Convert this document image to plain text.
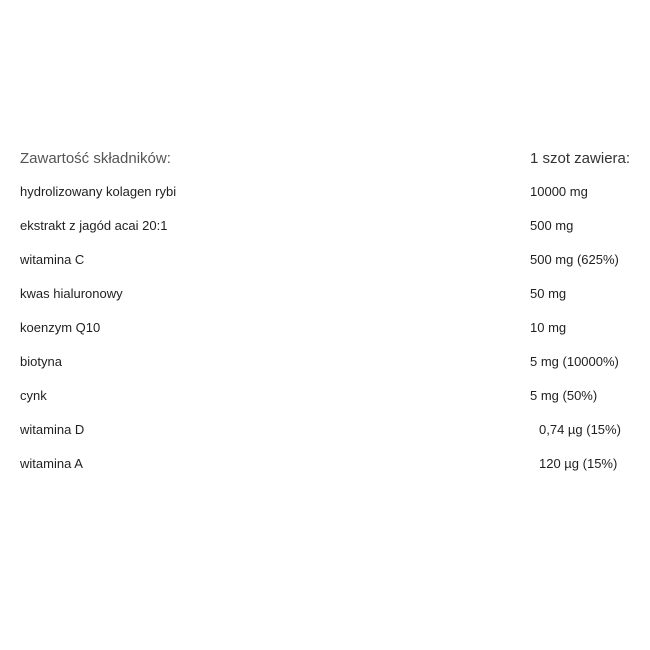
Zawartość składników:	1 szot zawiera:
hydrolizowany kolagen rybi	10000 mg
ekstrakt z jagód acai 20:1	500 mg
witamina C	500 mg (625%)
kwas hialuronowy	50 mg
koenzym Q10	10 mg
biotyna	5 mg (10000%)
cynk	5 mg (50%)
witamina D	0,74 µg (15%)
witamina A	120 µg (15%)
